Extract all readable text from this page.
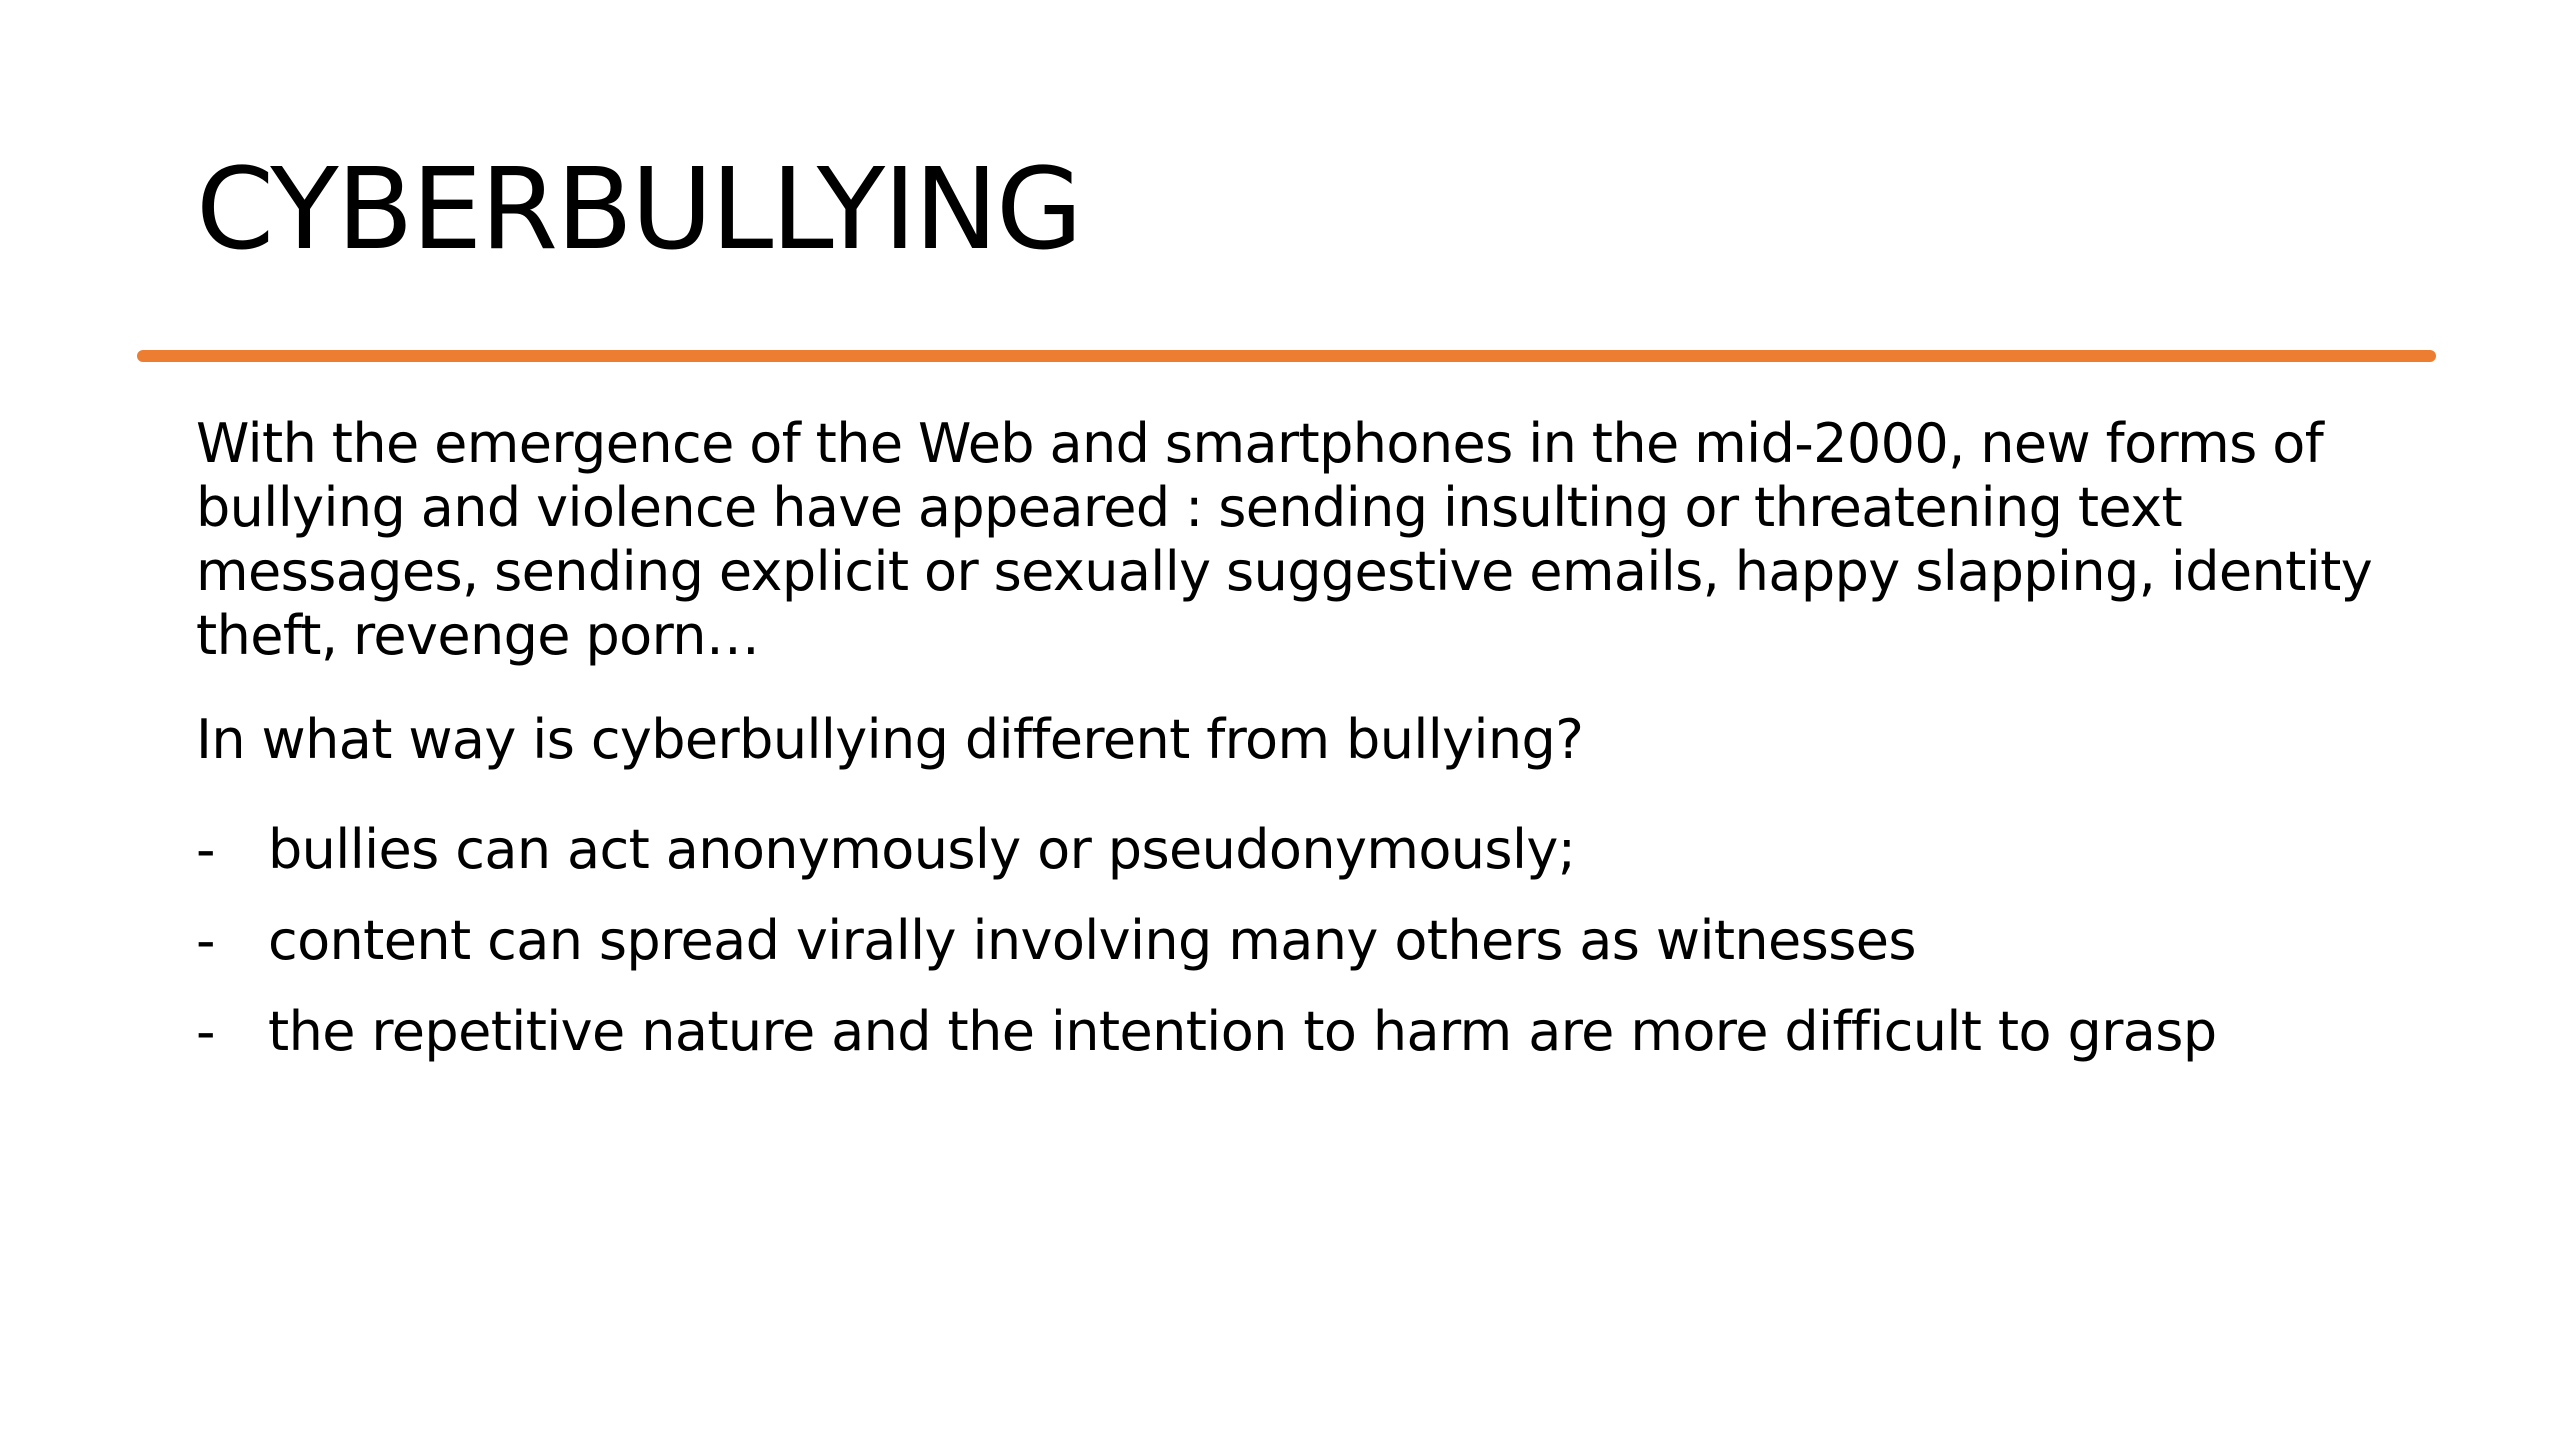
CYBERBULLYING

With the emergence of the Web and smartphones in the mid-2000, new forms of bullying and violence have appeared : sending insulting or threatening text messages, sending explicit or sexually suggestive emails, happy slapping, identity theft, revenge porn…

In what way is cyberbullying different from bullying?

- bullies can act anonymously or pseudonymously;
- content can spread virally involving many others as witnesses
- the repetitive nature and the intention to harm are more difficult to grasp
